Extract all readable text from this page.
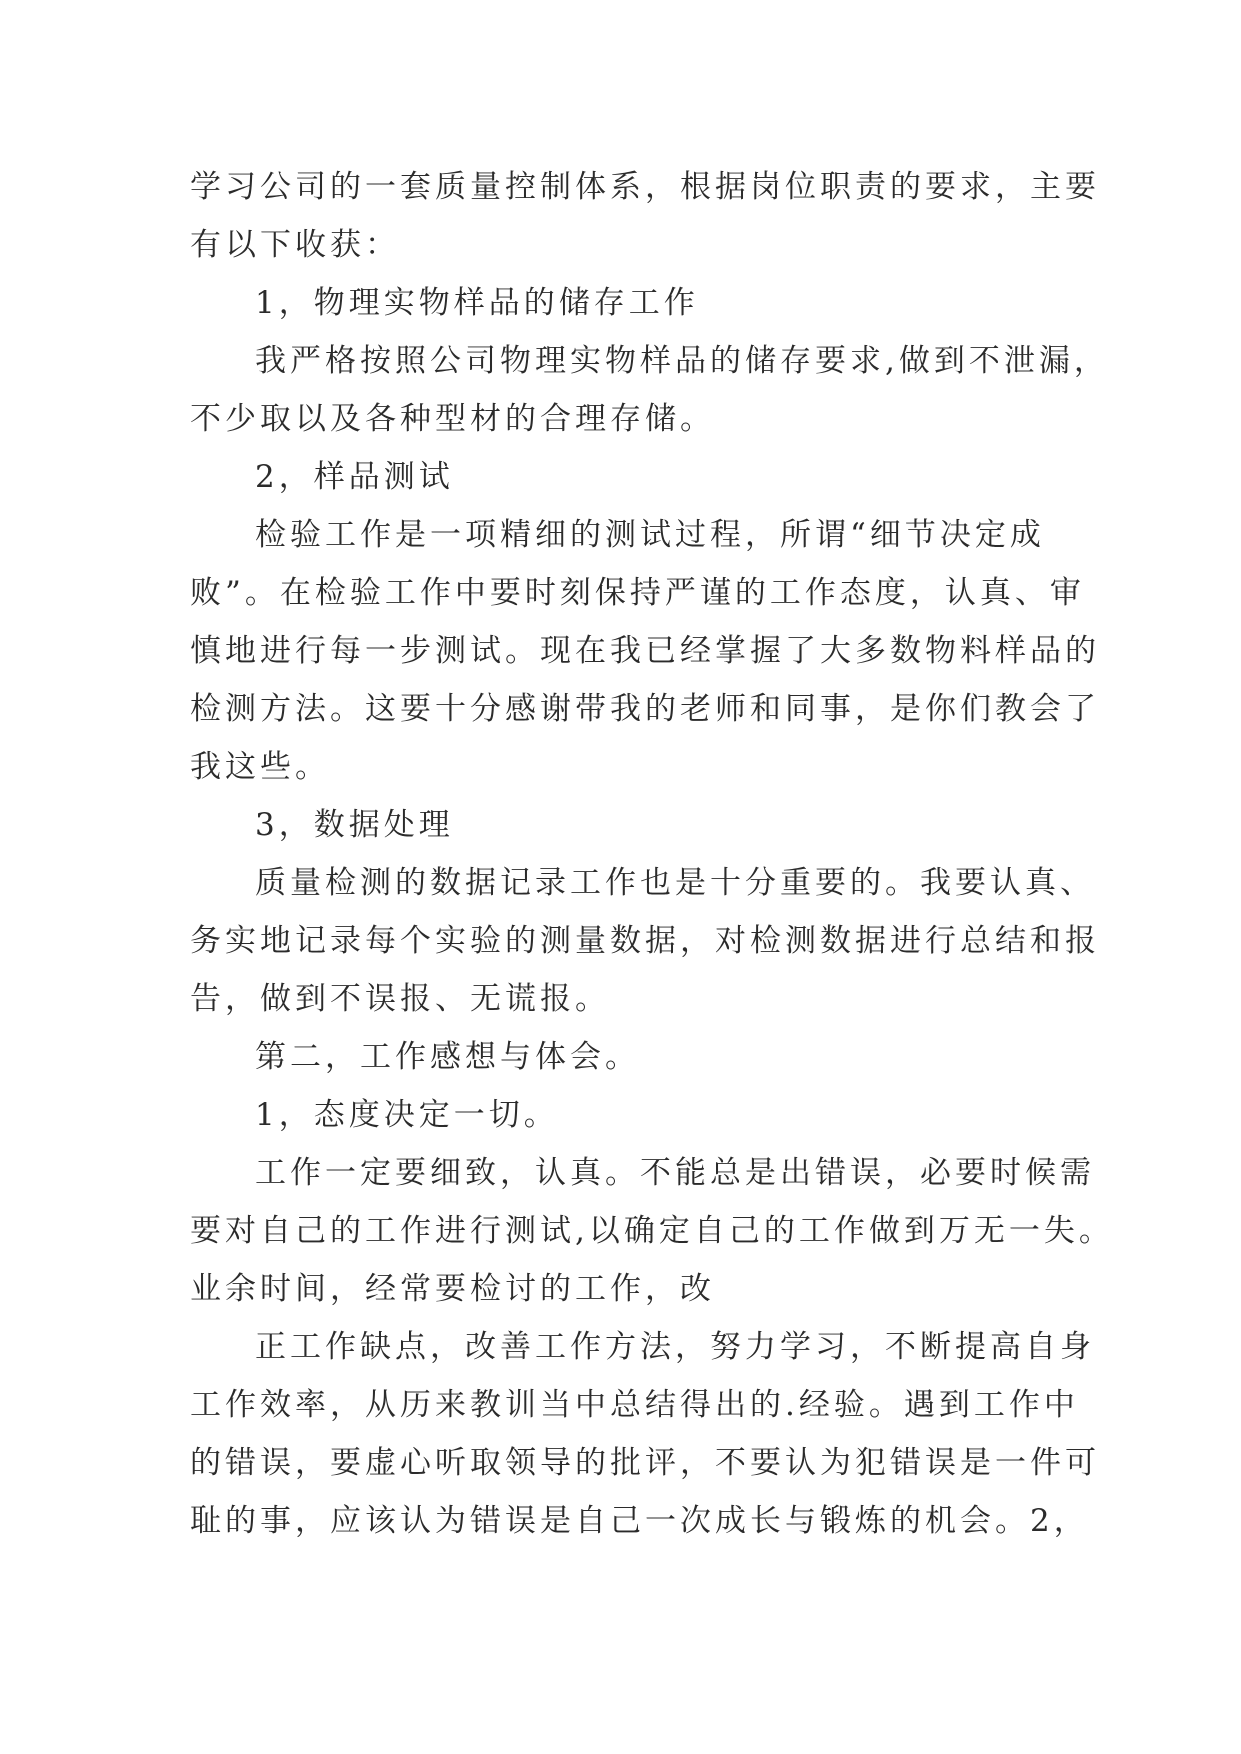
学习公司的一套质量控制体系，根据岗位职责的要求，主要
有以下收获：
1，物理实物样品的储存工作
我严格按照公司物理实物样品的储存要求,做到不泄漏，
不少取以及各种型材的合理存储。
2，样品测试
检验工作是一项精细的测试过程，所谓“细节决定成
败”。在检验工作中要时刻保持严谨的工作态度，认真、审
慎地进行每一步测试。现在我已经掌握了大多数物料样品的
检测方法。这要十分感谢带我的老师和同事，是你们教会了
我这些。
3，数据处理
质量检测的数据记录工作也是十分重要的。我要认真、
务实地记录每个实验的测量数据，对检测数据进行总结和报
告，做到不误报、无谎报。
第二，工作感想与体会。
1，态度决定一切。
工作一定要细致，认真。不能总是出错误，必要时候需
要对自己的工作进行测试,以确定自己的工作做到万无一失。
业余时间，经常要检讨的工作，改
正工作缺点，改善工作方法，努力学习，不断提高自身
工作效率，从历来教训当中总结得出的.经验。遇到工作中
的错误，要虚心听取领导的批评，不要认为犯错误是一件可
耻的事，应该认为错误是自己一次成长与锻炼的机会。2，
